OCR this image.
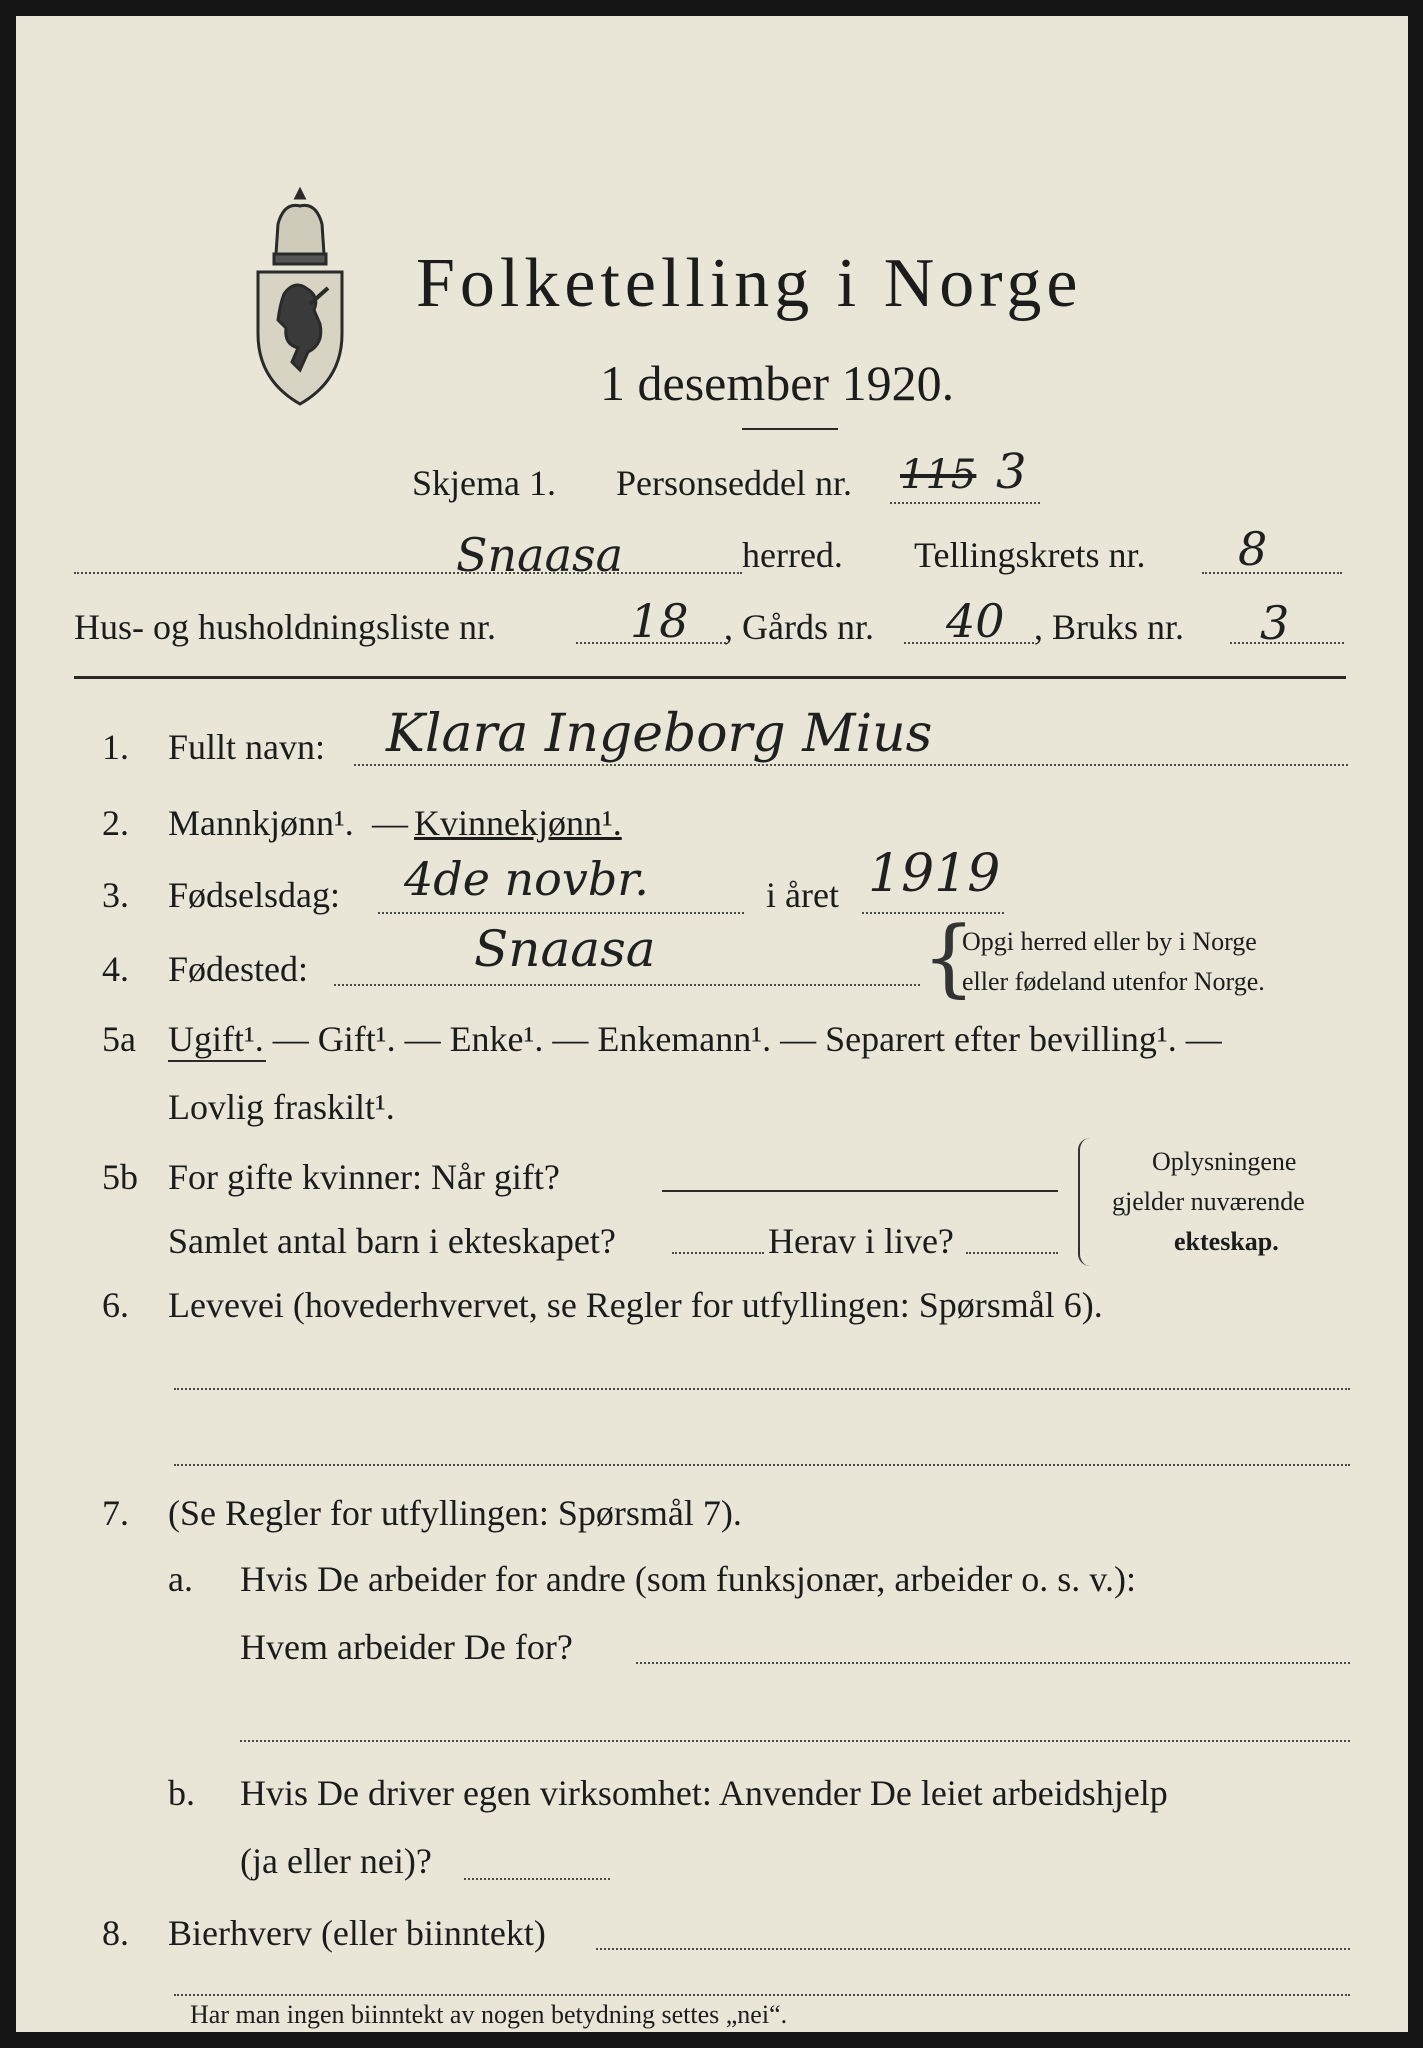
Folketelling i Norge
1 desember 1920.
Skjema 1. Personseddel nr. 115 3
Snaasa	herred. Tellingskrets nr. 8
Hus- og husholdningsliste nr.	18 , Gårds nr. 40 , Bruks nr. 3
1. Fullt navn: Klara Ingeborg Mius
2. Mannkjønn¹. — Kvinnekjønn¹.
3. Fødselsdag: 4de novbr.	i året 1919
4. Fødested:	Snaasa	{
Opgi herred eller by i Norge
eller fødeland utenfor Norge.
5a Ugift¹. — Gift¹. — Enke¹. — Enkemann¹. — Separert efter bevilling¹. —
Lovlig fraskilt¹.
5b For gifte kvinner: Når gift?
Samlet antal barn i ekteskapet?	Herav i live?
Oplysningene
gjelder nuværende
ekteskap.
6. Levevei (hovederhvervet, se Regler for utfyllingen: Spørsmål 6).
7. (Se Regler for utfyllingen: Spørsmål 7).
a. Hvis De arbeider for andre (som funksjonær, arbeider o. s. v.):
Hvem arbeider De for?
b. Hvis De driver egen virksomhet: Anvender De leiet arbeidshjelp
(ja eller nei)?
8. Bierhverv (eller biinntekt)
Har man ingen biinntekt av nogen betydning settes „nei“.
